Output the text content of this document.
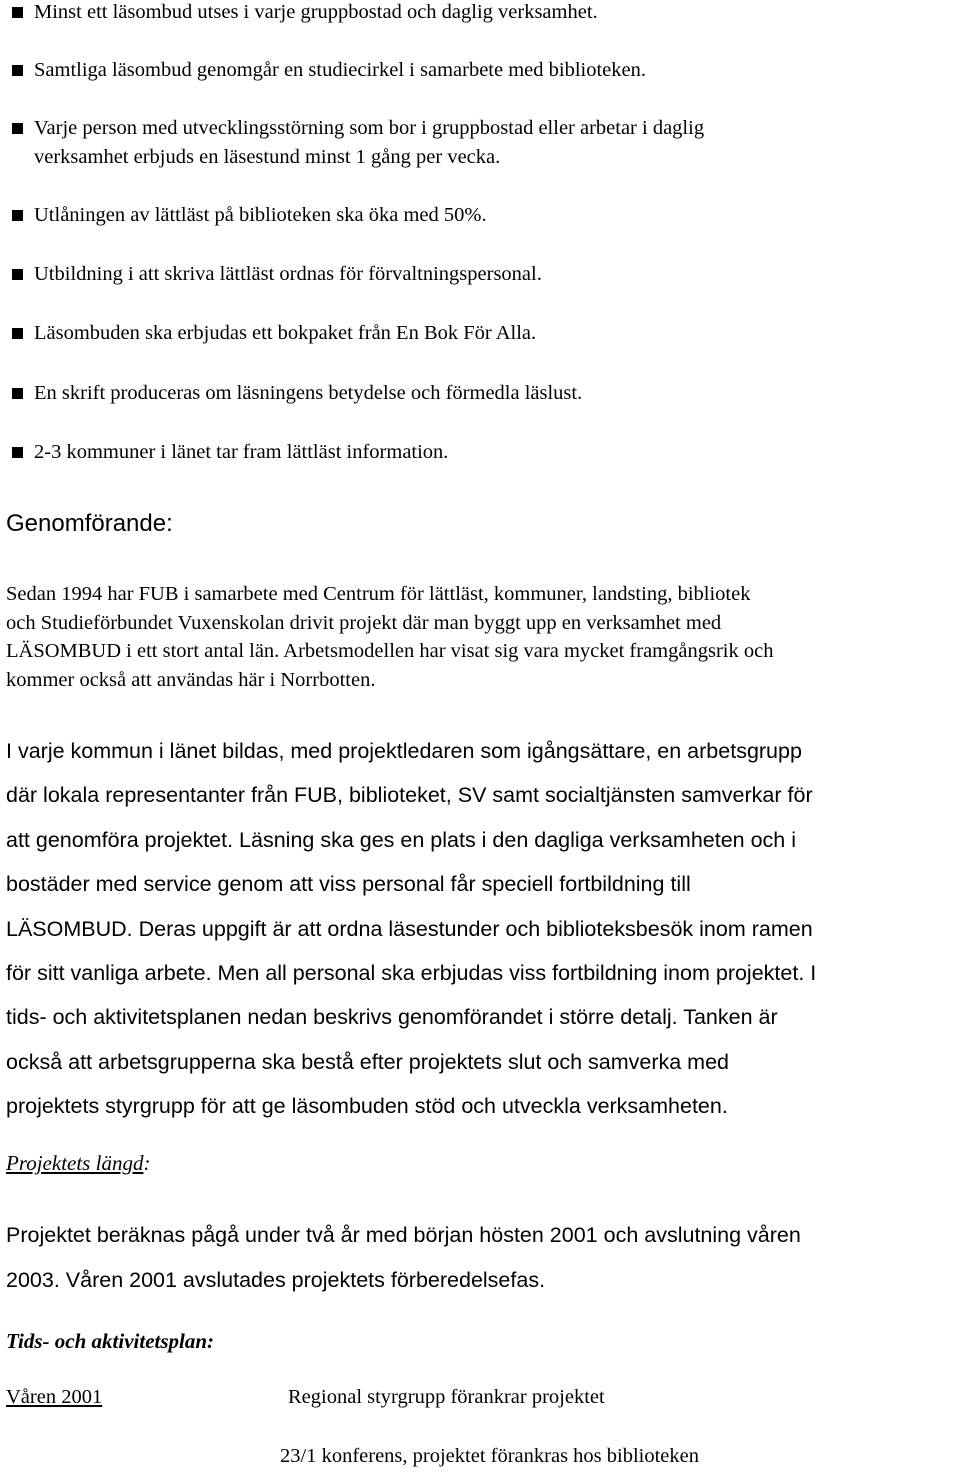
Minst ett läsombud utses i varje gruppbostad och daglig verksamhet.
Samtliga läsombud genomgår en studiecirkel i samarbete med biblioteken.
Varje person med utvecklingsstörning som bor i gruppbostad eller arbetar i daglig
verksamhet erbjuds en läsestund minst 1 gång per vecka.
Utlåningen av lättläst på biblioteken ska öka med 50%.
Utbildning i att skriva lättläst ordnas för förvaltningspersonal.
Läsombuden ska erbjudas ett bokpaket från En Bok För Alla.
En skrift produceras om läsningens betydelse och förmedla läslust.
2-3 kommuner i länet tar fram lättläst information.
Genomförande:
Sedan 1994 har FUB i samarbete med Centrum för lättläst, kommuner, landsting, bibliotek
och Studieförbundet Vuxenskolan drivit projekt där man byggt upp en verksamhet med
LÄSOMBUD i ett stort antal län. Arbetsmodellen har visat sig vara mycket framgångsrik och
kommer också att användas här i Norrbotten.
I varje kommun i länet bildas, med projektledaren som igångsättare, en arbetsgrupp
där lokala representanter från FUB, biblioteket, SV samt socialtjänsten samverkar för
att genomföra projektet. Läsning ska ges en plats i den dagliga verksamheten och i
bostäder med service genom att viss personal får speciell fortbildning till
LÄSOMBUD. Deras uppgift är att ordna läsestunder och biblioteksbesök inom ramen
för sitt vanliga arbete. Men all personal ska erbjudas viss fortbildning inom projektet. I
tids- och aktivitetsplanen nedan beskrivs genomförandet i större detalj. Tanken är
också att arbetsgrupperna ska bestå efter projektets slut och samverka med
projektets styrgrupp för att ge läsombuden stöd och utveckla verksamheten.
Projektets längd:
Projektet beräknas pågå under två år med början hösten 2001 och avslutning våren
2003. Våren 2001 avslutades projektets förberedelsefas.
Tids- och aktivitetsplan:
Våren 2001	Regional styrgrupp förankrar projektet
23/1 konferens, projektet förankras hos biblioteken
